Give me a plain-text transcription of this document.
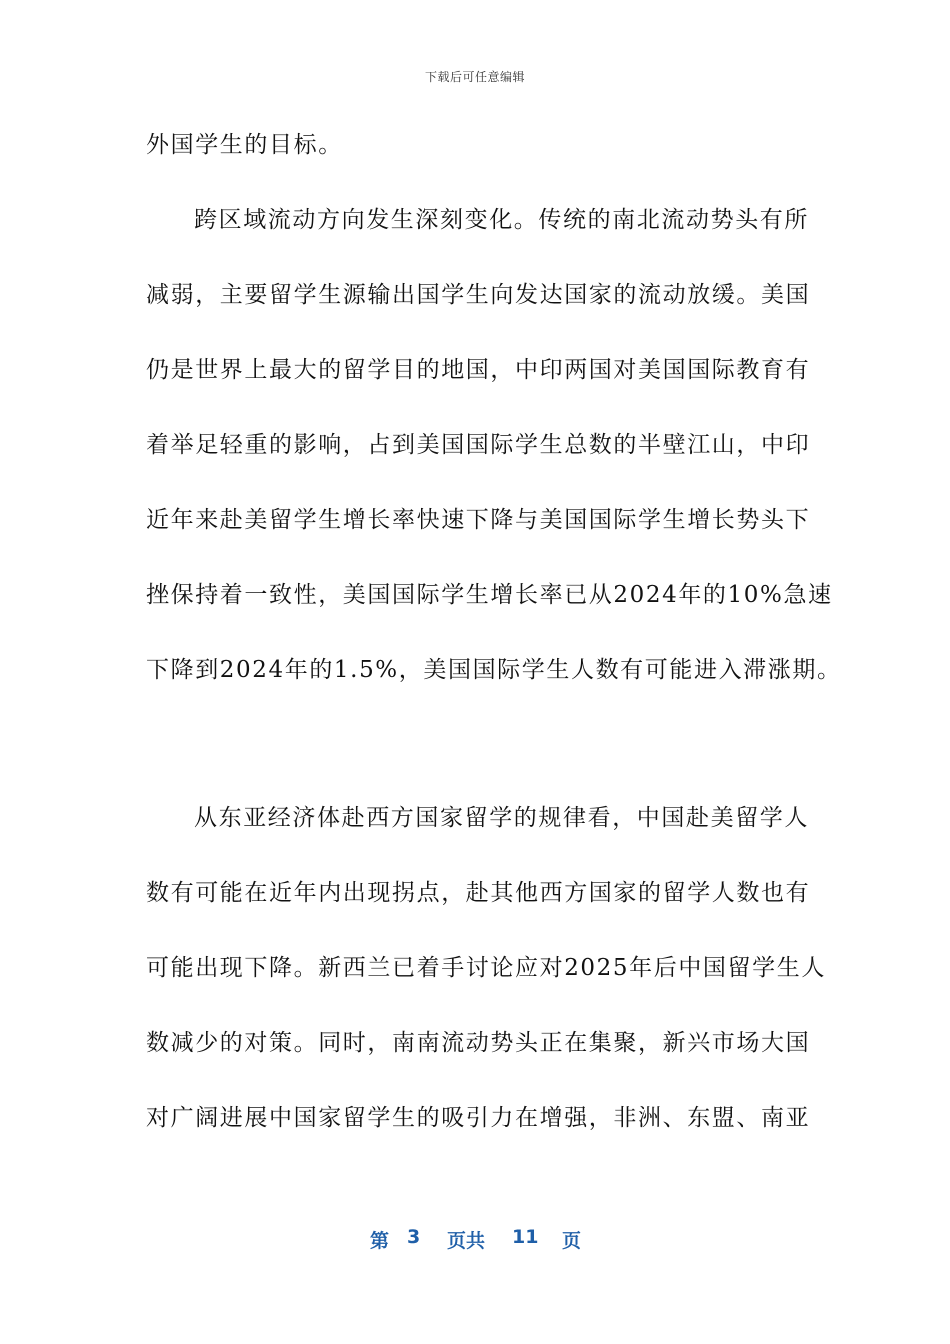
下载后可任意编辑
外国学生的目标。
跨区域流动方向发生深刻变化。传统的南北流动势头有所
减弱，主要留学生源输出国学生向发达国家的流动放缓。美国
仍是世界上最大的留学目的地国，中印两国对美国国际教育有
着举足轻重的影响，占到美国国际学生总数的半壁江山，中印
近年来赴美留学生增长率快速下降与美国国际学生增长势头下
挫保持着一致性，美国国际学生增长率已从2024年的10%急速
下降到2024年的1.5%，美国国际学生人数有可能进入滞涨期。
从东亚经济体赴西方国家留学的规律看，中国赴美留学人
数有可能在近年内出现拐点，赴其他西方国家的留学人数也有
可能出现下降。新西兰已着手讨论应对2025年后中国留学生人
数减少的对策。同时，南南流动势头正在集聚，新兴市场大国
对广阔进展中国家留学生的吸引力在增强，非洲、东盟、南亚
第 3 页共 11 页
